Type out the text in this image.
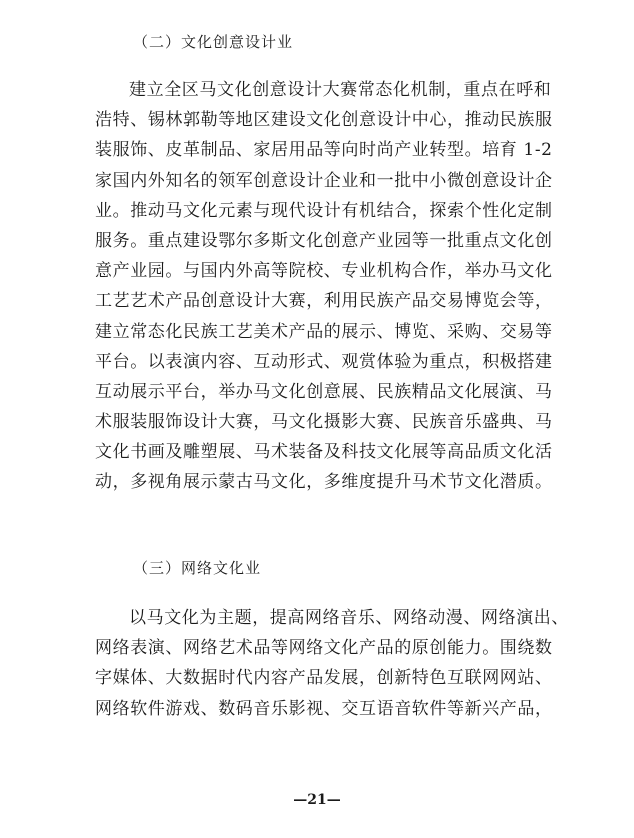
（二）文化创意设计业
建立全区马文化创意设计大赛常态化机制，重点在呼和
浩特、锡林郭勒等地区建设文化创意设计中心，推动民族服
装服饰、皮革制品、家居用品等向时尚产业转型。培育 1-2
家国内外知名的领军创意设计企业和一批中小微创意设计企
业。推动马文化元素与现代设计有机结合，探索个性化定制
服务。重点建设鄂尔多斯文化创意产业园等一批重点文化创
意产业园。与国内外高等院校、专业机构合作，举办马文化
工艺艺术产品创意设计大赛，利用民族产品交易博览会等，
建立常态化民族工艺美术产品的展示、博览、采购、交易等
平台。以表演内容、互动形式、观赏体验为重点，积极搭建
互动展示平台，举办马文化创意展、民族精品文化展演、马
术服装服饰设计大赛，马文化摄影大赛、民族音乐盛典、马
文化书画及雕塑展、马术装备及科技文化展等高品质文化活
动，多视角展示蒙古马文化，多维度提升马术节文化潜质。
（三）网络文化业
以马文化为主题，提高网络音乐、网络动漫、网络演出、
网络表演、网络艺术品等网络文化产品的原创能力。围绕数
字媒体、大数据时代内容产品发展，创新特色互联网网站、
网络软件游戏、数码音乐影视、交互语音软件等新兴产品，
—21—
